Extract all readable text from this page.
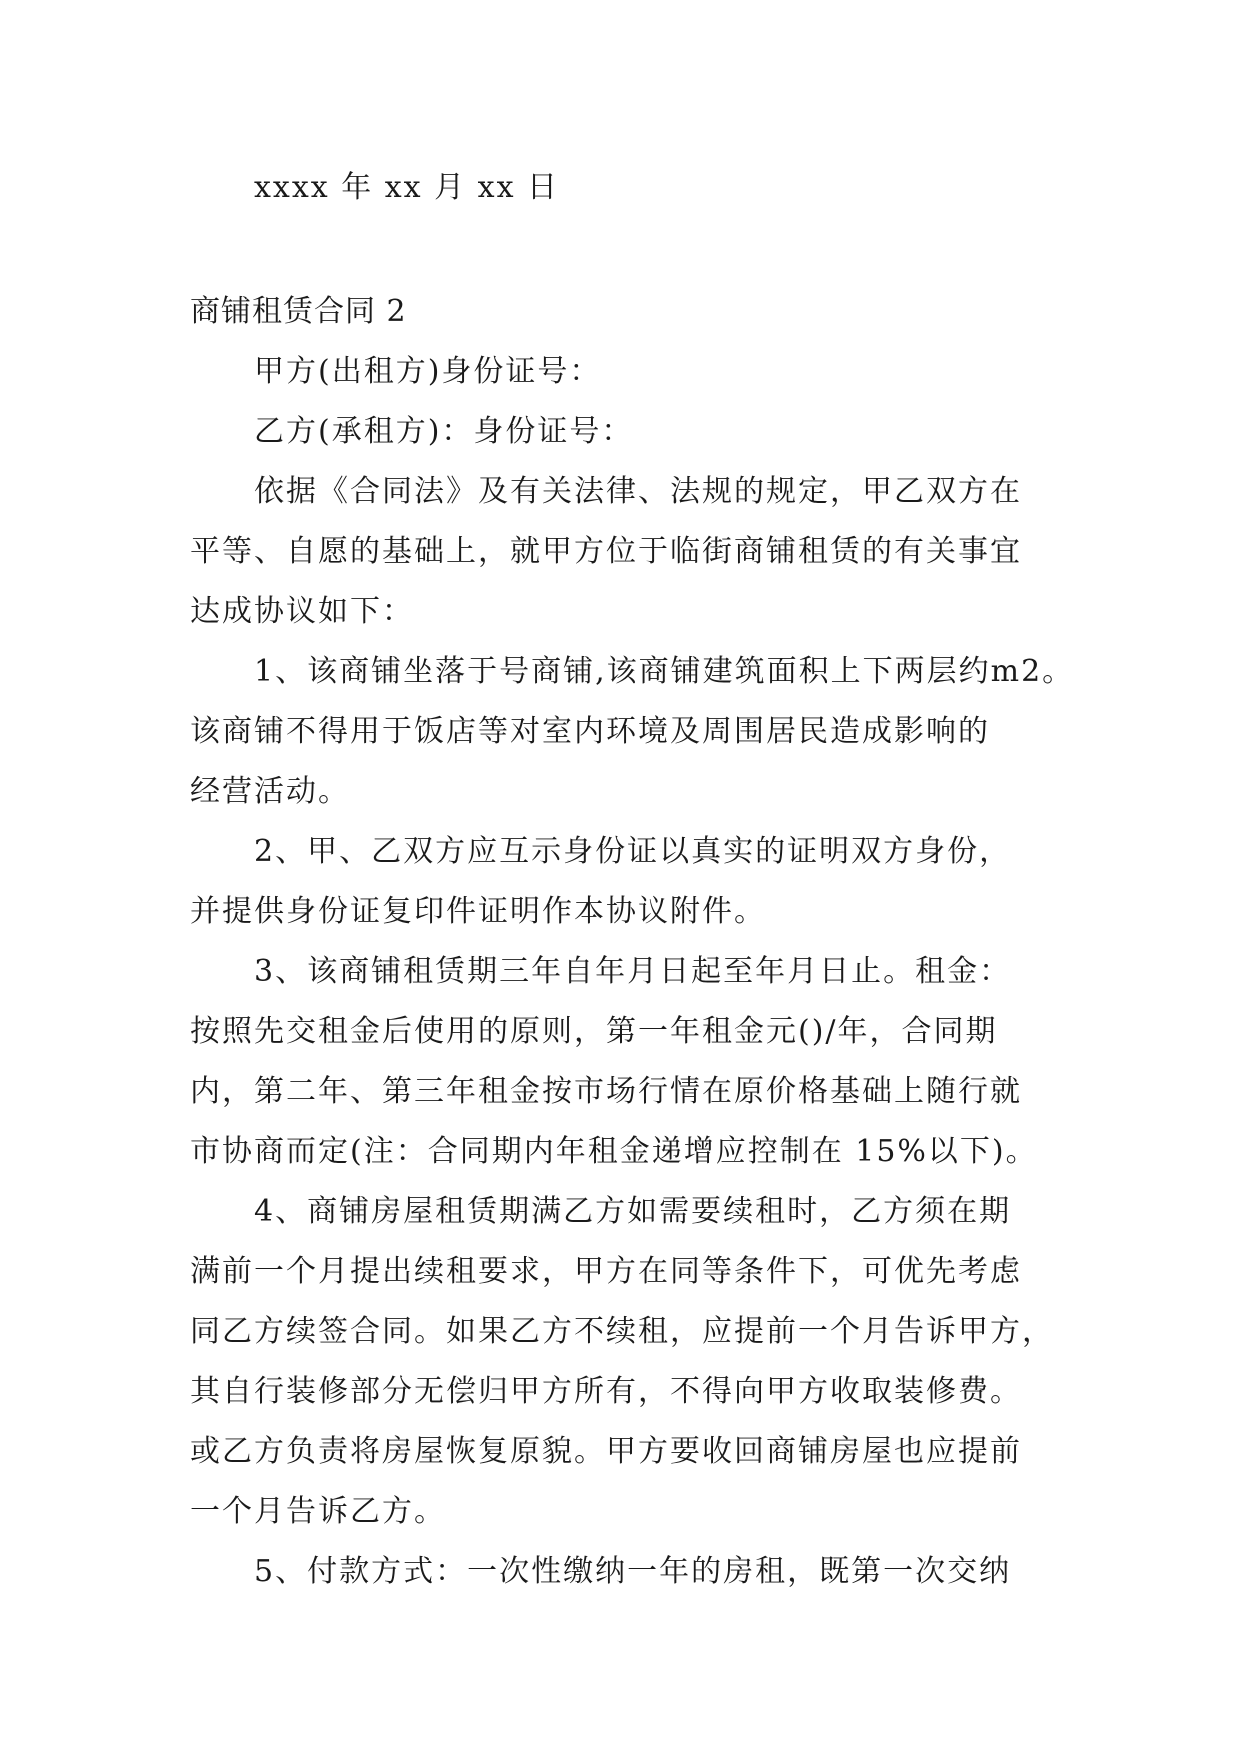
xxxx 年 xx 月 xx 日
商铺租赁合同 2
甲方(出租方)身份证号：
乙方(承租方)：身份证号：
依据《合同法》及有关法律、法规的规定，甲乙双方在
平等、自愿的基础上，就甲方位于临街商铺租赁的有关事宜
达成协议如下：
1、该商铺坐落于号商铺,该商铺建筑面积上下两层约m2。
该商铺不得用于饭店等对室内环境及周围居民造成影响的
经营活动。
2、甲、乙双方应互示身份证以真实的证明双方身份，
并提供身份证复印件证明作本协议附件。
3、该商铺租赁期三年自年月日起至年月日止。租金：
按照先交租金后使用的原则，第一年租金元()/年，合同期
内，第二年、第三年租金按市场行情在原价格基础上随行就
市协商而定(注：合同期内年租金递增应控制在 15%以下)。
4、商铺房屋租赁期满乙方如需要续租时，乙方须在期
满前一个月提出续租要求，甲方在同等条件下，可优先考虑
同乙方续签合同。如果乙方不续租，应提前一个月告诉甲方，
其自行装修部分无偿归甲方所有，不得向甲方收取装修费。
或乙方负责将房屋恢复原貌。甲方要收回商铺房屋也应提前
一个月告诉乙方。
5、付款方式：一次性缴纳一年的房租，既第一次交纳
